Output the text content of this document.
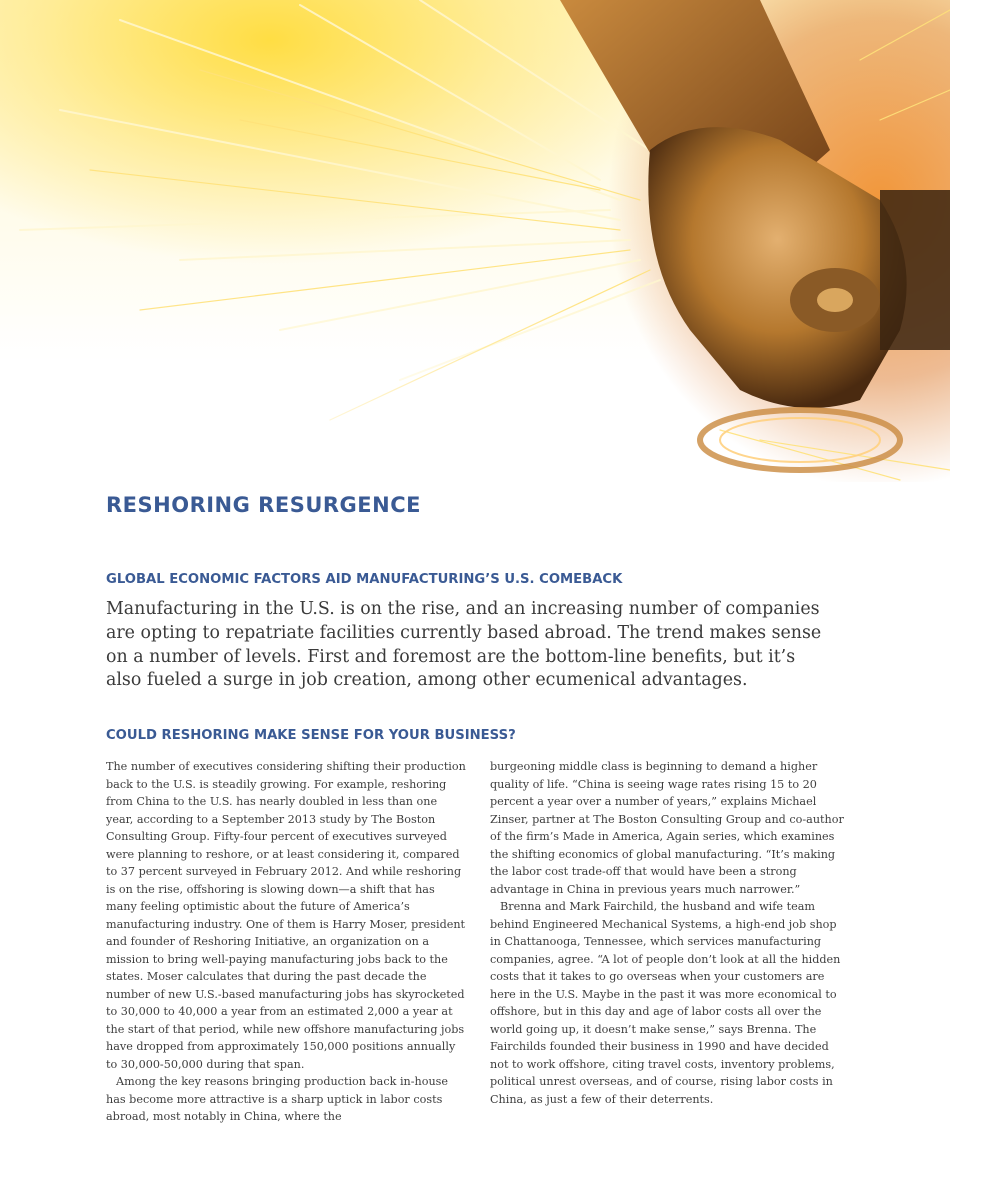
RESHORING RESURGENCE
GLOBAL ECONOMIC FACTORS AID MANUFACTURING’S U.S. COMEBACK

Manufacturing in the U.S. is on the rise, and an increasing number of companies are opting to repatriate facilities currently based abroad. The trend makes sense on a number of levels. First and foremost are the bottom-line benefits, but it’s also fueled a surge in job creation, among other ecumenical advantages.

COULD RESHORING MAKE SENSE FOR YOUR BUSINESS?

The number of executives considering shifting their production back to the U.S. is steadily growing. For example, reshoring from China to the U.S. has nearly doubled in less than one year, according to a September 2013 study by The Boston Consulting Group. Fifty-four percent of executives surveyed were planning to reshore, or at least considering it, compared to 37 percent surveyed in February 2012. And while reshoring is on the rise, offshoring is slowing down—a shift that has many feeling optimistic about the future of America’s manufacturing industry. One of them is Harry Moser, president and founder of Reshoring Initiative, an organization on a mission to bring well-paying manufacturing jobs back to the states. Moser calculates that during the past decade the number of new U.S.-based manufacturing jobs has skyrocketed to 30,000 to 40,000 a year from an estimated 2,000 a year at the start of that period, while new offshore manufacturing jobs have dropped from approximately 150,000 positions annually to 30,000-50,000 during that span.

Among the key reasons bringing production back in-house has become more attractive is a sharp uptick in labor costs abroad, most notably in China, where the

burgeoning middle class is beginning to demand a higher quality of life. “China is seeing wage rates rising 15 to 20 percent a year over a number of years,” explains Michael Zinser, partner at The Boston Consulting Group and co-author of the firm’s Made in America, Again series, which examines the shifting economics of global manufacturing. “It’s making the labor cost trade-off that would have been a strong advantage in China in previous years much narrower.”

Brenna and Mark Fairchild, the husband and wife team behind Engineered Mechanical Systems, a high-end job shop in Chattanooga, Tennessee, which services manufacturing companies, agree. “A lot of people don’t look at all the hidden costs that it takes to go overseas when your customers are here in the U.S. Maybe in the past it was more economical to offshore, but in this day and age of labor costs all over the world going up, it doesn’t make sense,” says Brenna. The Fairchilds founded their business in 1990 and have decided not to work offshore, citing travel costs, inventory problems, political unrest overseas, and of course, rising labor costs in China, as just a few of their deterrents.
